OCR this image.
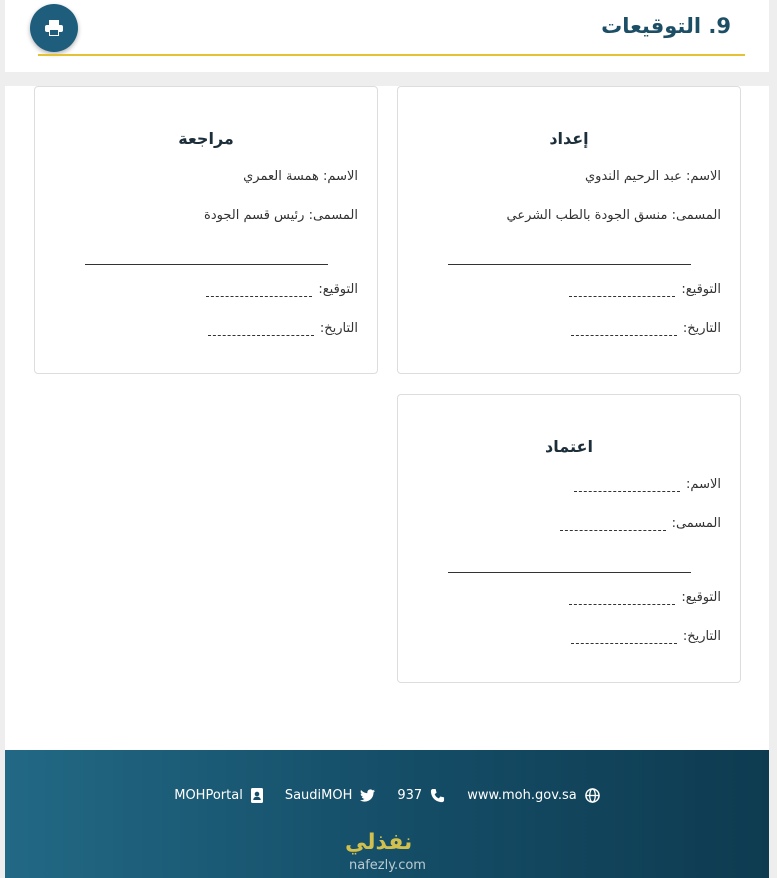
9. التوقيعات
إعداد
الاسم: عبد الرحيم الندوي
المسمى: منسق الجودة بالطب الشرعي
التوقيع:
التاريخ:
مراجعة
الاسم: همسة العمري
المسمى: رئيس قسم الجودة
التوقيع:
التاريخ:
اعتماد
الاسم:
المسمى:
التوقيع:
التاريخ:
www.moh.gov.sa
937
SaudiMOH
MOHPortal
نفذلي
nafezly.com
